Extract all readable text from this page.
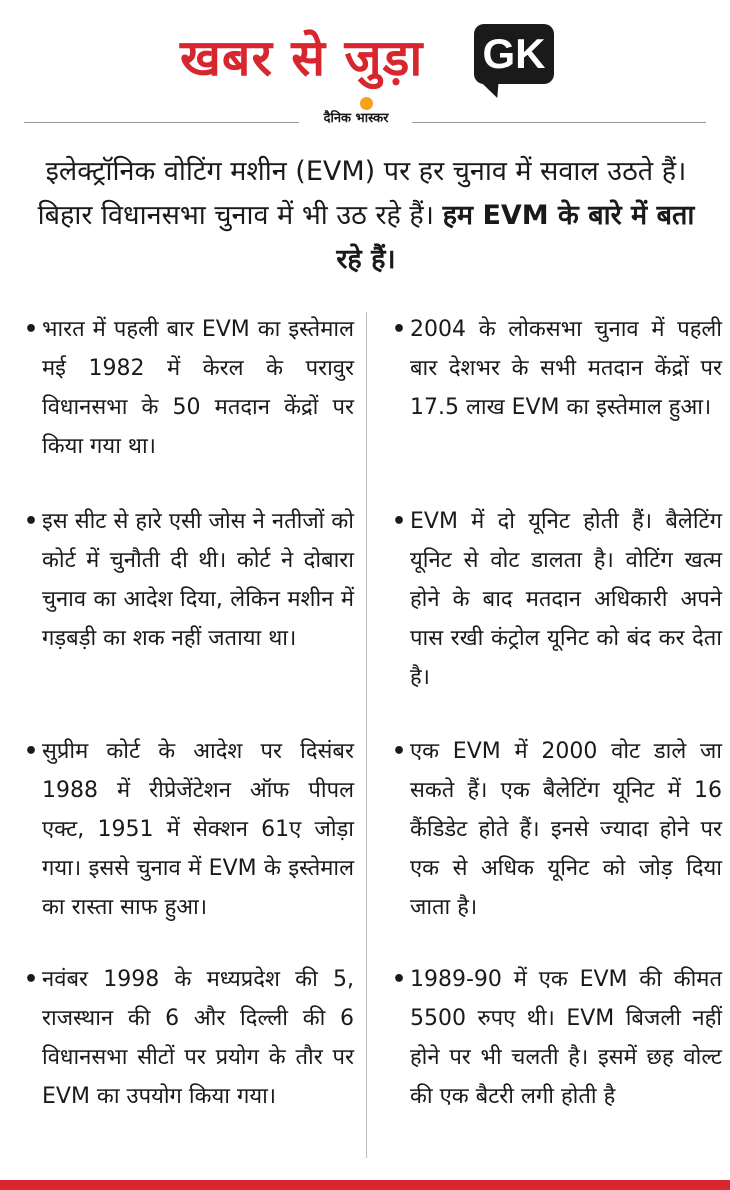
खबर से जुड़ा GK
दैनिक भास्कर
इलेक्ट्रॉनिक वोटिंग मशीन (EVM) पर हर चुनाव में सवाल उठते हैं। बिहार विधानसभा चुनाव में भी उठ रहे हैं। हम EVM के बारे में बता रहे हैं।
• भारत में पहली बार EVM का इस्तेमाल मई 1982 में केरल के परावुर विधानसभा के 50 मतदान केंद्रों पर किया गया था।
• इस सीट से हारे एसी जोस ने नतीजों को कोर्ट में चुनौती दी थी। कोर्ट ने दोबारा चुनाव का आदेश दिया, लेकिन मशीन में गड़बड़ी का शक नहीं जताया था।
• सुप्रीम कोर्ट के आदेश पर दिसंबर 1988 में रीप्रेजेंटेशन ऑफ पीपल एक्ट, 1951 में सेक्शन 61ए जोड़ा गया। इससे चुनाव में EVM के इस्तेमाल का रास्ता साफ हुआ।
• नवंबर 1998 के मध्यप्रदेश की 5, राजस्थान की 6 और दिल्ली की 6 विधानसभा सीटों पर प्रयोग के तौर पर EVM का उपयोग किया गया।
• 2004 के लोकसभा चुनाव में पहली बार देशभर के सभी मतदान केंद्रों पर 17.5 लाख EVM का इस्तेमाल हुआ।
• EVM में दो यूनिट होती हैं। बैलेटिंग यूनिट से वोट डालता है। वोटिंग खत्म होने के बाद मतदान अधिकारी अपने पास रखी कंट्रोल यूनिट को बंद कर देता है।
• एक EVM में 2000 वोट डाले जा सकते हैं। एक बैलेटिंग यूनिट में 16 कैंडिडेट होते हैं। इनसे ज्यादा होने पर एक से अधिक यूनिट को जोड़ दिया जाता है।
• 1989-90 में एक EVM की कीमत 5500 रुपए थी। EVM बिजली नहीं होने पर भी चलती है। इसमें छह वोल्ट की एक बैटरी लगी होती है
